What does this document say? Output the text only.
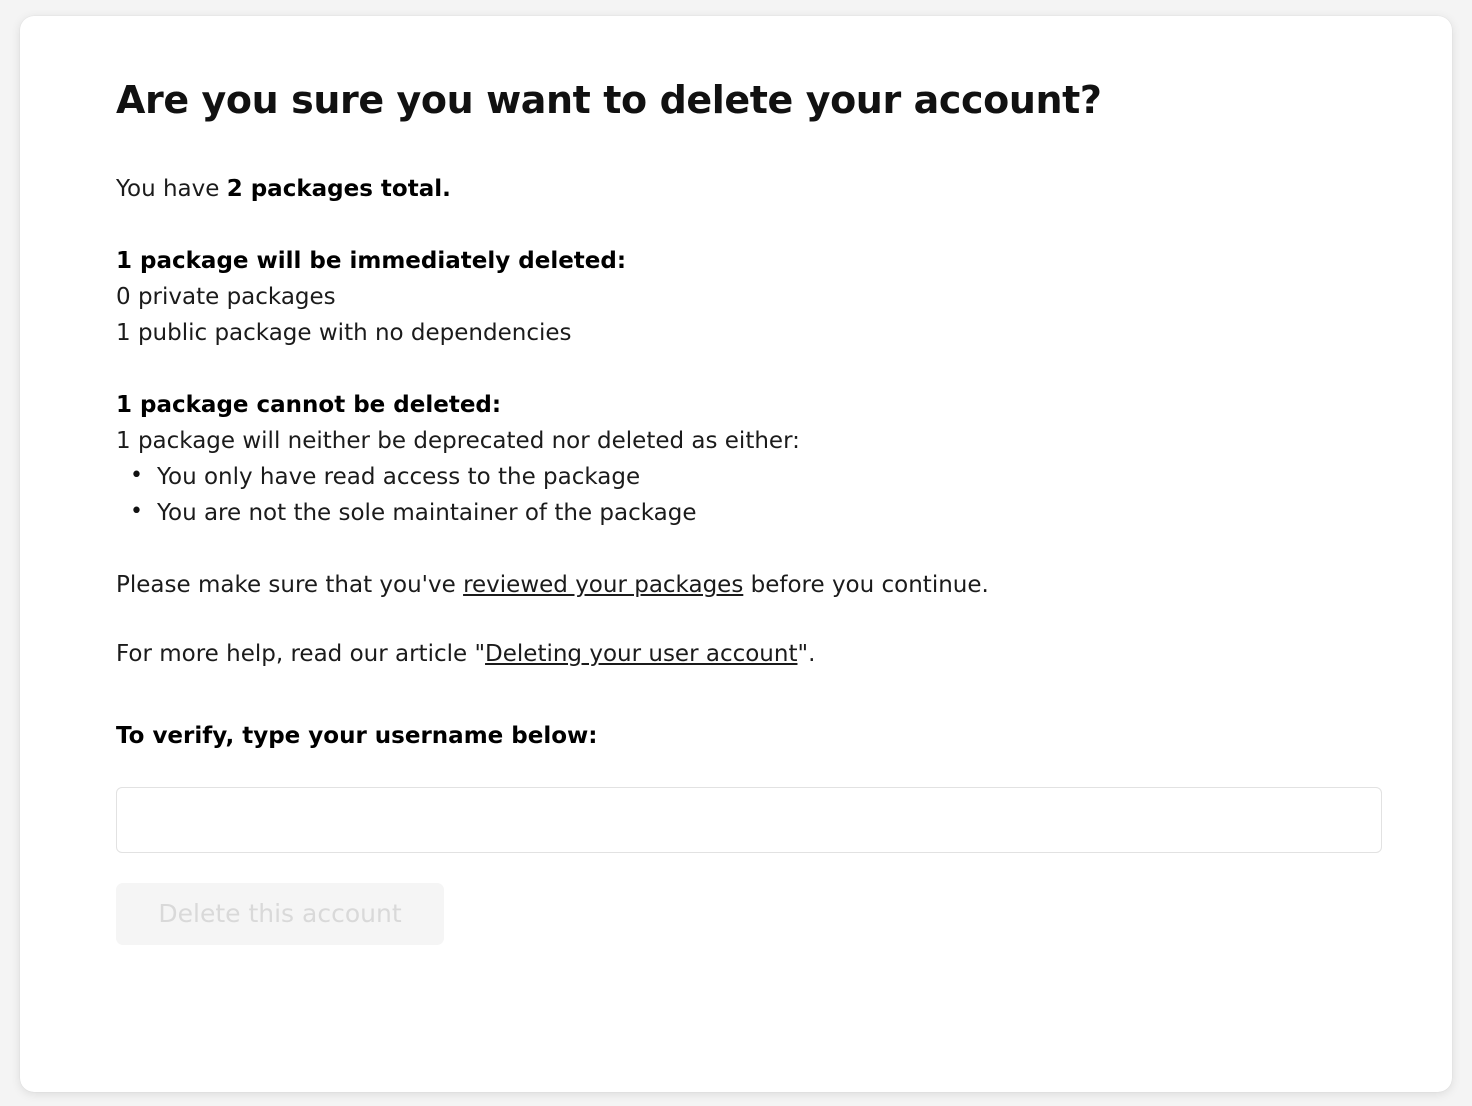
Are you sure you want to delete your account?

You have 2 packages total.

1 package will be immediately deleted:

0 private packages

1 public package with no dependencies

1 package cannot be deleted:

1 package will neither be deprecated nor deleted as either:

• You only have read access to the package
• You are not the sole maintainer of the package

Please make sure that you've reviewed your packages before you continue.

For more help, read our article "Deleting your user account".

To verify, type your username below:

Delete this account
